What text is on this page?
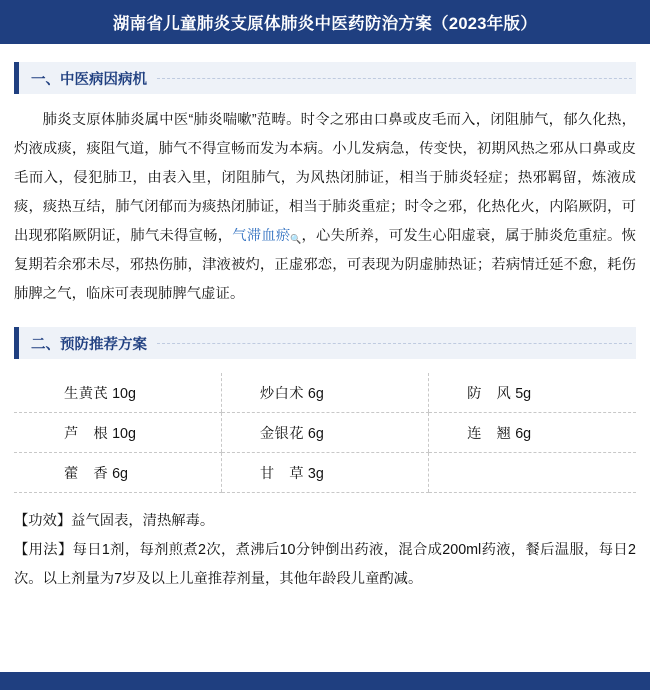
湖南省儿童肺炎支原体肺炎中医药防治方案（2023年版）
一、中医病因病机
肺炎支原体肺炎属中医“肺炎喘嗽”范畴。时令之邪由口鼻或皮毛而入，闭阻肺气，郁久化热，灼液成痰，痰阻气道，肺气不得宣畅而发为本病。小儿发病急，传变快，初期风热之邪从口鼻或皮毛而入，侵犯肺卫，由表入里，闭阻肺气，为风热闭肺证，相当于肺炎轻症；热邪羁留，炼液成痰，痰热互结，肺气闭郁而为痰热闭肺证，相当于肺炎重症；时令之邪，化热化火，内陷厥阴，可出现邪陷厥阴证，肺气未得宣畅，气滞血瘀 🔍 ，心失所养，可发生心阳虚衰，属于肺炎危重症。恢复期若余邪未尽，邪热伤肺，津液被灼，正虚邪恋，可表现为阴虚肺热证；若病情迁延不愈，耗伤肺脾之气，临床可表现肺脾气虚证。
二、预防推荐方案
生黄芪 10g	炒白术 6g	防　风 5g
芦　根 10g	金银花 6g	连　翘 6g
藿　香 6g	甘　草 3g	

【功效】益气固表，清热解毒。

【用法】每日1剂，每剂煎煮2次，煮沸后10分钟倒出药液，混合成200ml药液，餐后温服，每日2次。以上剂量为7岁及以上儿童推荐剂量，其他年龄段儿童酌减。
